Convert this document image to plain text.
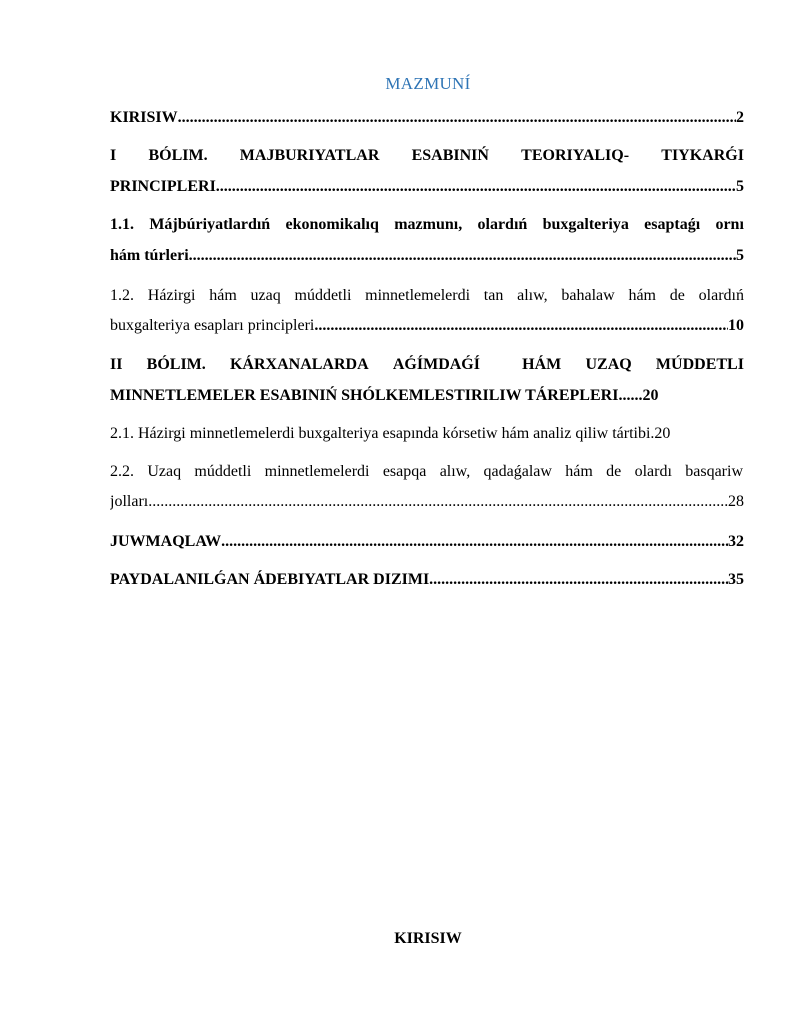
MAZMUNÍ
KIRISIW .....	2
I BÓLIM. MAJBURIYATLAR ESABINIŃ TEORIYALIQ- TIYKARǴI
PRINCIPLERI .....	5
1.1. Májbúriyatlardıń ekonomikalıq mazmunı, olardıń buxgalteriya esaptaǵı ornı
hám túrleri .....	5
1.2. Házirgi hám uzaq múddetli minnetlemelerdi tan alıw, bahalaw hám de olardıń
buxgalteriya esapları principleri .....	10
II BÓLIM. KÁRXANALARDA AǴÍMDAǴÍ	HÁM UZAQ MÚDDETLI
MINNETLEMELER ESABINIŃ SHÓLKEMLESTIRILIW TÁREPLERI......20
2.1. Házirgi minnetlemelerdi buxgalteriya esapında kórsetiw hám analiz qiliw tártibi.20
2.2. Uzaq múddetli minnetlemelerdi esapqa alıw, qadaǵalaw hám de olardı basqariw
jolları .....	28
JUWMAQLAW .....	32
PAYDALANILǴAN ÁDEBIYATLAR DIZIMI .....	35
KIRISIW
